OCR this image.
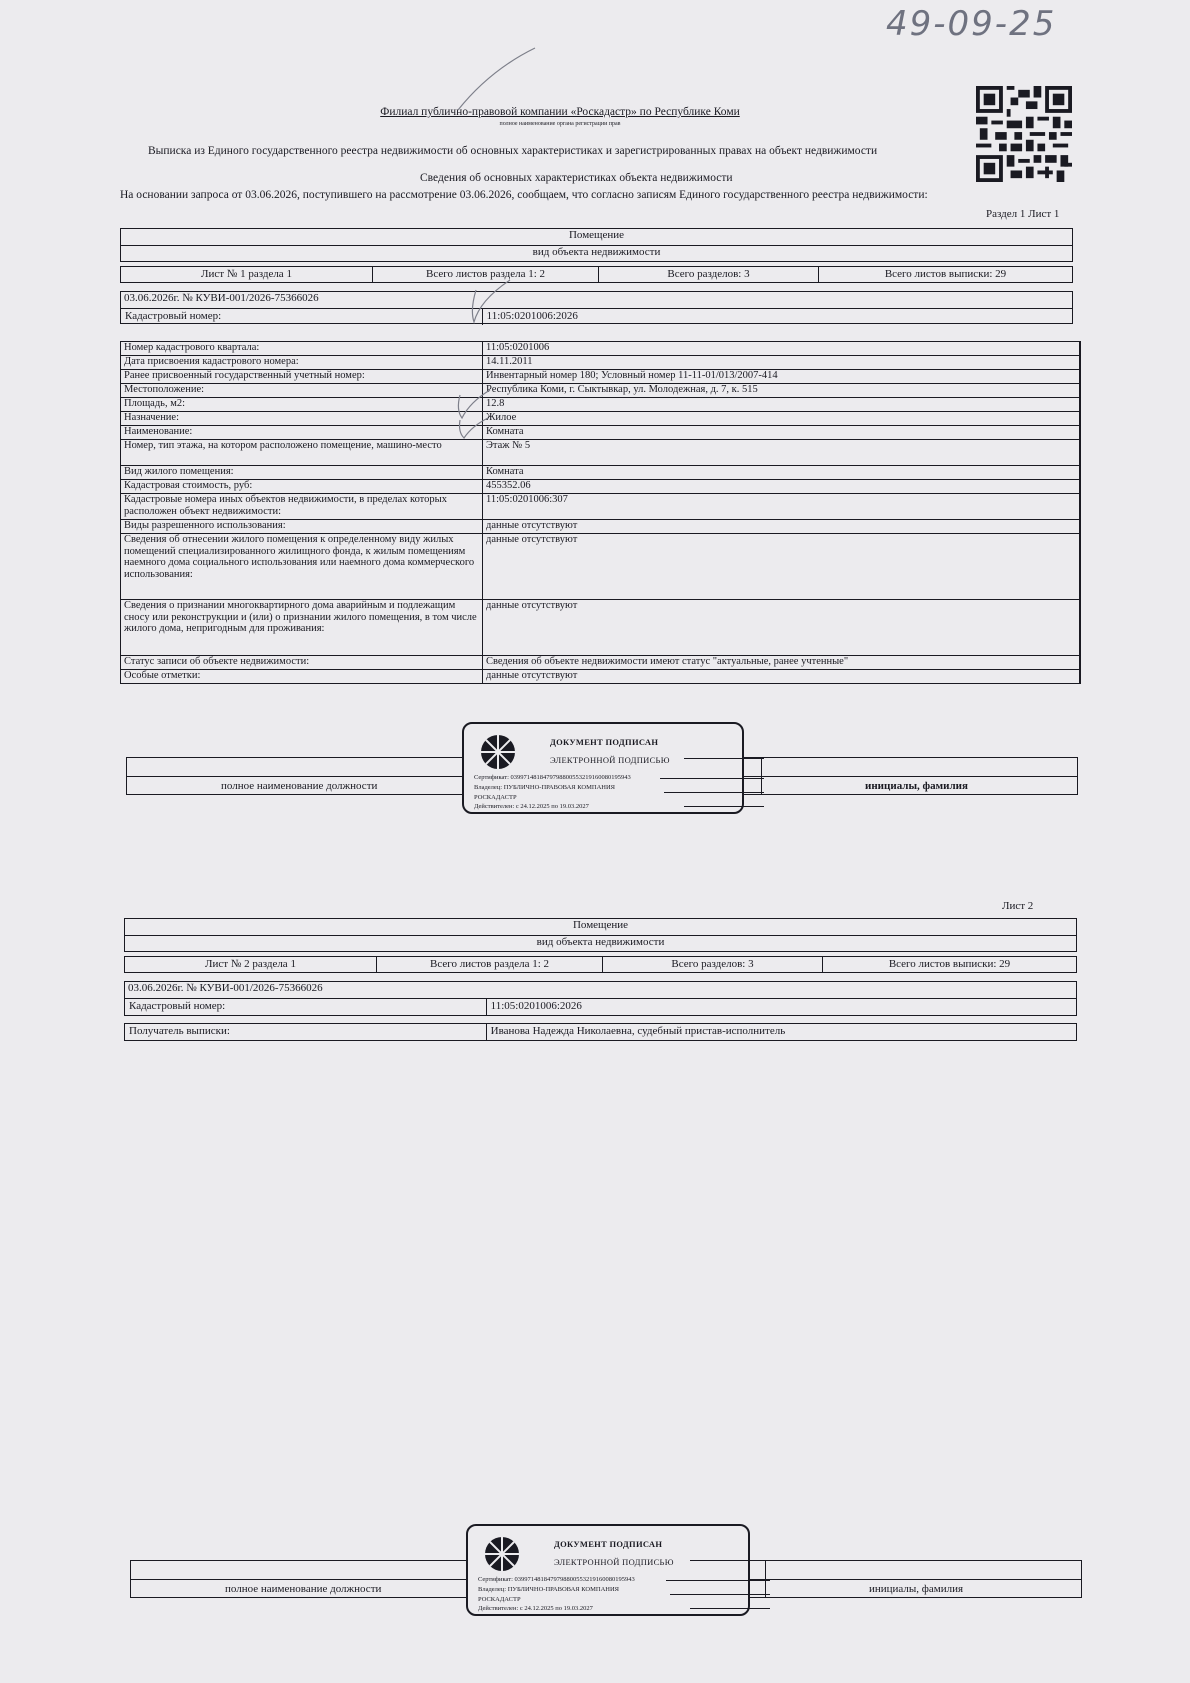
49-09-25
Филиал публично-правовой компании «Роскадастр» по Республике Коми
полное наименование органа регистрации прав
Выписка из Единого государственного реестра недвижимости об основных характеристиках и зарегистрированных правах на объект недвижимости
Сведения об основных характеристиках объекта недвижимости
На основании запроса от 03.06.2026, поступившего на рассмотрение 03.06.2026, сообщаем, что согласно записям Единого государственного реестра недвижимости:
Раздел 1 Лист 1
Помещение
вид объекта недвижимости
Лист № 1 раздела 1	Всего листов раздела 1: 2	Всего разделов: 3	Всего листов выписки: 29
03.06.2026г. № КУВИ-001/2026-75366026
Кадастровый номер:	11:05:0201006:2026
Номер кадастрового квартала:	11:05:0201006
Дата присвоения кадастрового номера:	14.11.2011
Ранее присвоенный государственный учетный номер:	Инвентарный номер 180; Условный номер 11-11-01/013/2007-414
Местоположение:	Республика Коми, г. Сыктывкар, ул. Молодежная, д. 7, к. 515
Площадь, м2:	12.8
Назначение:	Жилое
Наименование:	Комната
Номер, тип этажа, на котором расположено помещение, машино-место	Этаж № 5
Вид жилого помещения:	Комната
Кадастровая стоимость, руб:	455352.06
Кадастровые номера иных объектов недвижимости, в пределах которых расположен объект недвижимости:	11:05:0201006:307
Виды разрешенного использования:	данные отсутствуют
Сведения об отнесении жилого помещения к определенному виду жилых помещений специализированного жилищного фонда, к жилым помещениям наемного дома социального использования или наемного дома коммерческого использования:	данные отсутствуют
Сведения о признании многоквартирного дома аварийным и подлежащим сносу или реконструкции и (или) о признании жилого помещения, в том числе жилого дома, непригодным для проживания:	данные отсутствуют
Статус записи об объекте недвижимости:	Сведения об объекте недвижимости имеют статус "актуальные, ранее учтенные"
Особые отметки:	данные отсутствуют
полное наименование должности	инициалы, фамилия
ДОКУМЕНТ ПОДПИСАН
ЭЛЕКТРОННОЙ ПОДПИСЬЮ
Сертификат: 0399714818479798800553219160080195943
Владелец: ПУБЛИЧНО-ПРАВОВАЯ КОМПАНИЯ
РОСКАДАСТР
Действителен: с 24.12.2025 по 19.03.2027
Лист 2
Помещение
вид объекта недвижимости
Лист № 2 раздела 1	Всего листов раздела 1: 2	Всего разделов: 3	Всего листов выписки: 29
03.06.2026г. № КУВИ-001/2026-75366026
Кадастровый номер:	11:05:0201006:2026
Получатель выписки:	Иванова Надежда Николаевна, судебный пристав-исполнитель
полное наименование должности	инициалы, фамилия
ДОКУМЕНТ ПОДПИСАН
ЭЛЕКТРОННОЙ ПОДПИСЬЮ
Сертификат: 0399714818479798800553219160080195943
Владелец: ПУБЛИЧНО-ПРАВОВАЯ КОМПАНИЯ
РОСКАДАСТР
Действителен: с 24.12.2025 по 19.03.2027
